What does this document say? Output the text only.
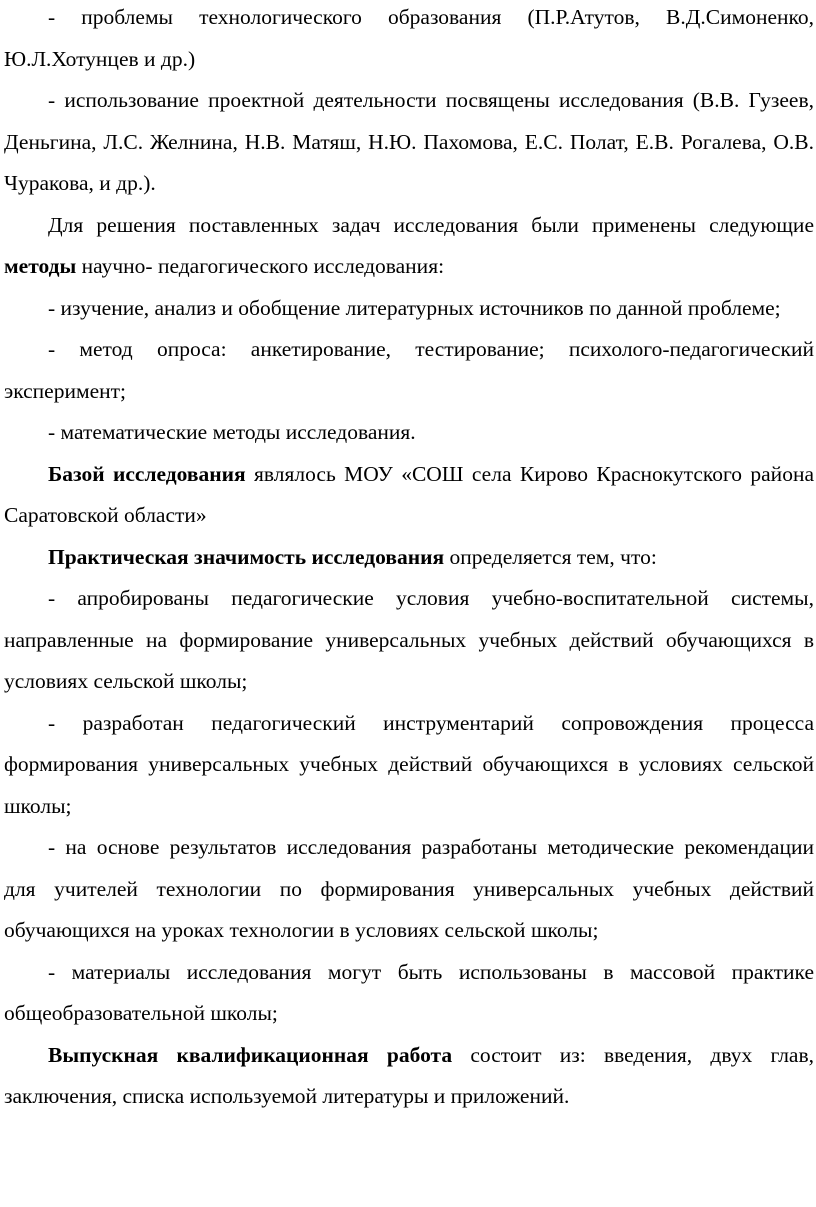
- проблемы технологического образования (П.Р.Атутов, В.Д.Симоненко, Ю.Л.Хотунцев и др.)

- использование проектной деятельности посвящены исследования (В.В. Гузеев, Деньгина, Л.С. Желнина, Н.В. Матяш, Н.Ю. Пахомова, Е.С. Полат, Е.В. Рогалева, О.В. Чуракова, и др.).

Для решения поставленных задач исследования были применены следующие методы научно- педагогического исследования:

- изучение, анализ и обобщение литературных источников по данной проблеме;

- метод опроса: анкетирование, тестирование; психолого-педагогический эксперимент;

- математические методы исследования.

Базой исследования являлось МОУ «СОШ села Кирово Краснокутского района Саратовской области»

Практическая значимость исследования определяется тем, что:

- апробированы педагогические условия учебно-воспитательной системы, направленные на формирование универсальных учебных действий обучающихся в условиях сельской школы;

- разработан педагогический инструментарий сопровождения процесса формирования универсальных учебных действий обучающихся в условиях сельской школы;

- на основе результатов исследования разработаны методические рекомендации для учителей технологии по формирования универсальных учебных действий обучающихся на уроках технологии в условиях сельской школы;

- материалы исследования могут быть использованы в массовой практике общеобразовательной школы;

Выпускная квалификационная работа состоит из: введения, двух глав, заключения, списка используемой литературы и приложений.
